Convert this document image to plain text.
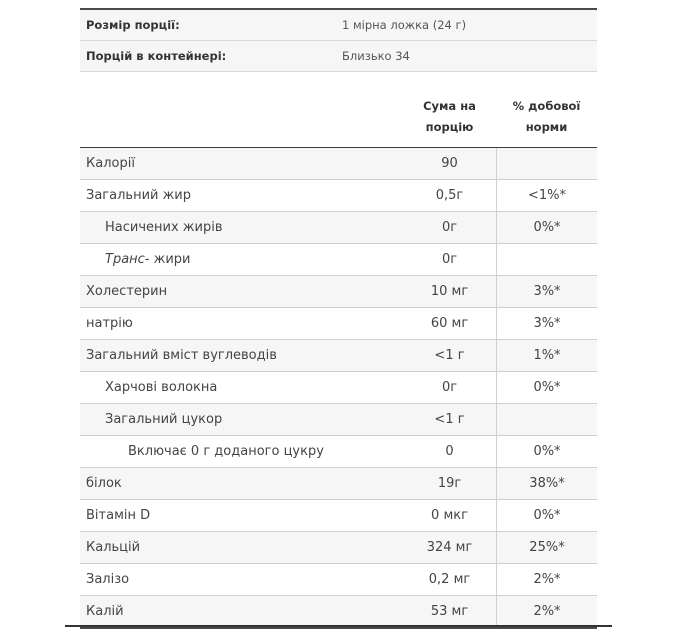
Розмір порції:	1 мірна ложка (24 г)
Порцій в контейнері:	Близько 34
Сума на
порцію
% добової
норми
Калорії	90
Загальний жир	0,5г	<1%*
Насичених жирів	0г	0%*
Транс- жири	0г
Холестерин	10 мг	3%*
натрію	60 мг	3%*
Загальний вміст вуглеводів	<1 г	1%*
Харчові волокна	0г	0%*
Загальний цукор	<1 г
Включає 0 г доданого цукру	0	0%*
білок	19г	38%*
Вітамін D	0 мкг	0%*
Кальцій	324 мг	25%*
Залізо	0,2 мг	2%*
Калій	53 мг	2%*
